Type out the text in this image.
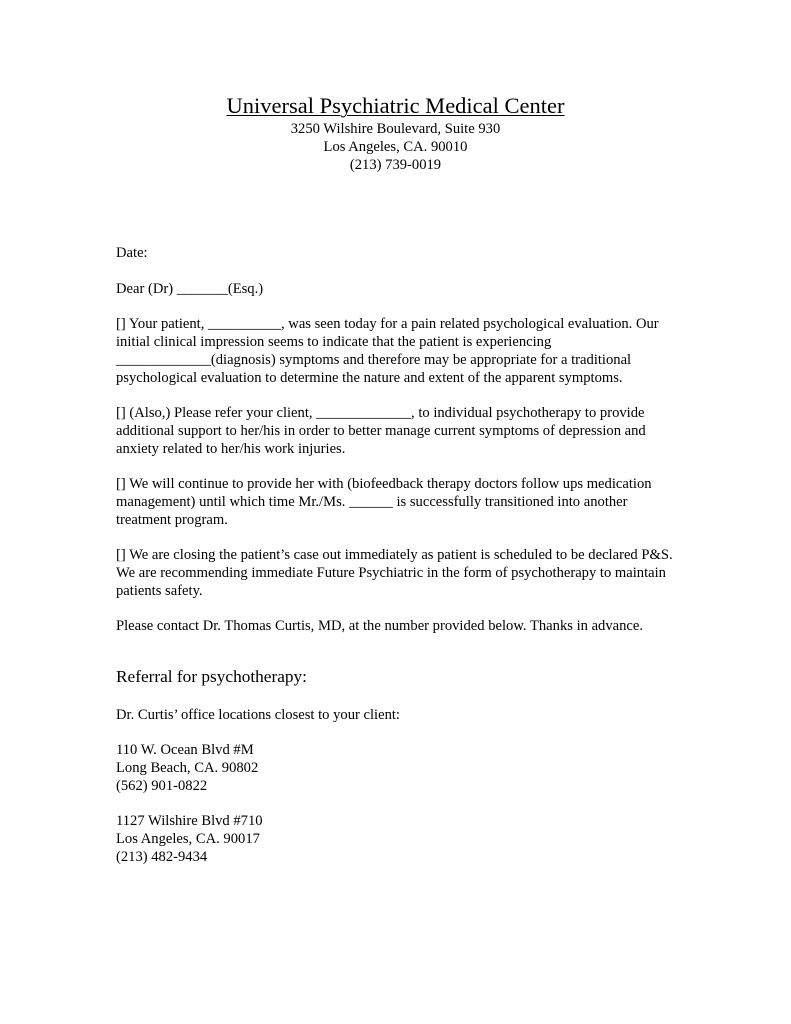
Universal Psychiatric Medical Center
3250 Wilshire Boulevard, Suite 930
Los Angeles, CA. 90010
(213) 739-0019

Date:

Dear (Dr) _______(Esq.)

[] Your patient, __________, was seen today for a pain related psychological evaluation. Our initial clinical impression seems to indicate that the patient is experiencing _____________(diagnosis) symptoms and therefore may be appropriate for a traditional psychological evaluation to determine the nature and extent of the apparent symptoms.

[] (Also,) Please refer your client, _____________, to individual psychotherapy to provide additional support to her/his in order to better manage current symptoms of depression and anxiety related to her/his work injuries.

[] We will continue to provide her with (biofeedback therapy doctors follow ups medication management) until which time Mr./Ms. ______ is successfully transitioned into another treatment program.

[] We are closing the patient’s case out immediately as patient is scheduled to be declared P&S. We are recommending immediate Future Psychiatric in the form of psychotherapy to maintain patients safety.

Please contact Dr. Thomas Curtis, MD, at the number provided below. Thanks in advance.

Referral for psychotherapy:

Dr. Curtis’ office locations closest to your client:

110 W. Ocean Blvd #M
Long Beach, CA. 90802
(562) 901-0822
1127 Wilshire Blvd #710
Los Angeles, CA. 90017
(213) 482-9434
